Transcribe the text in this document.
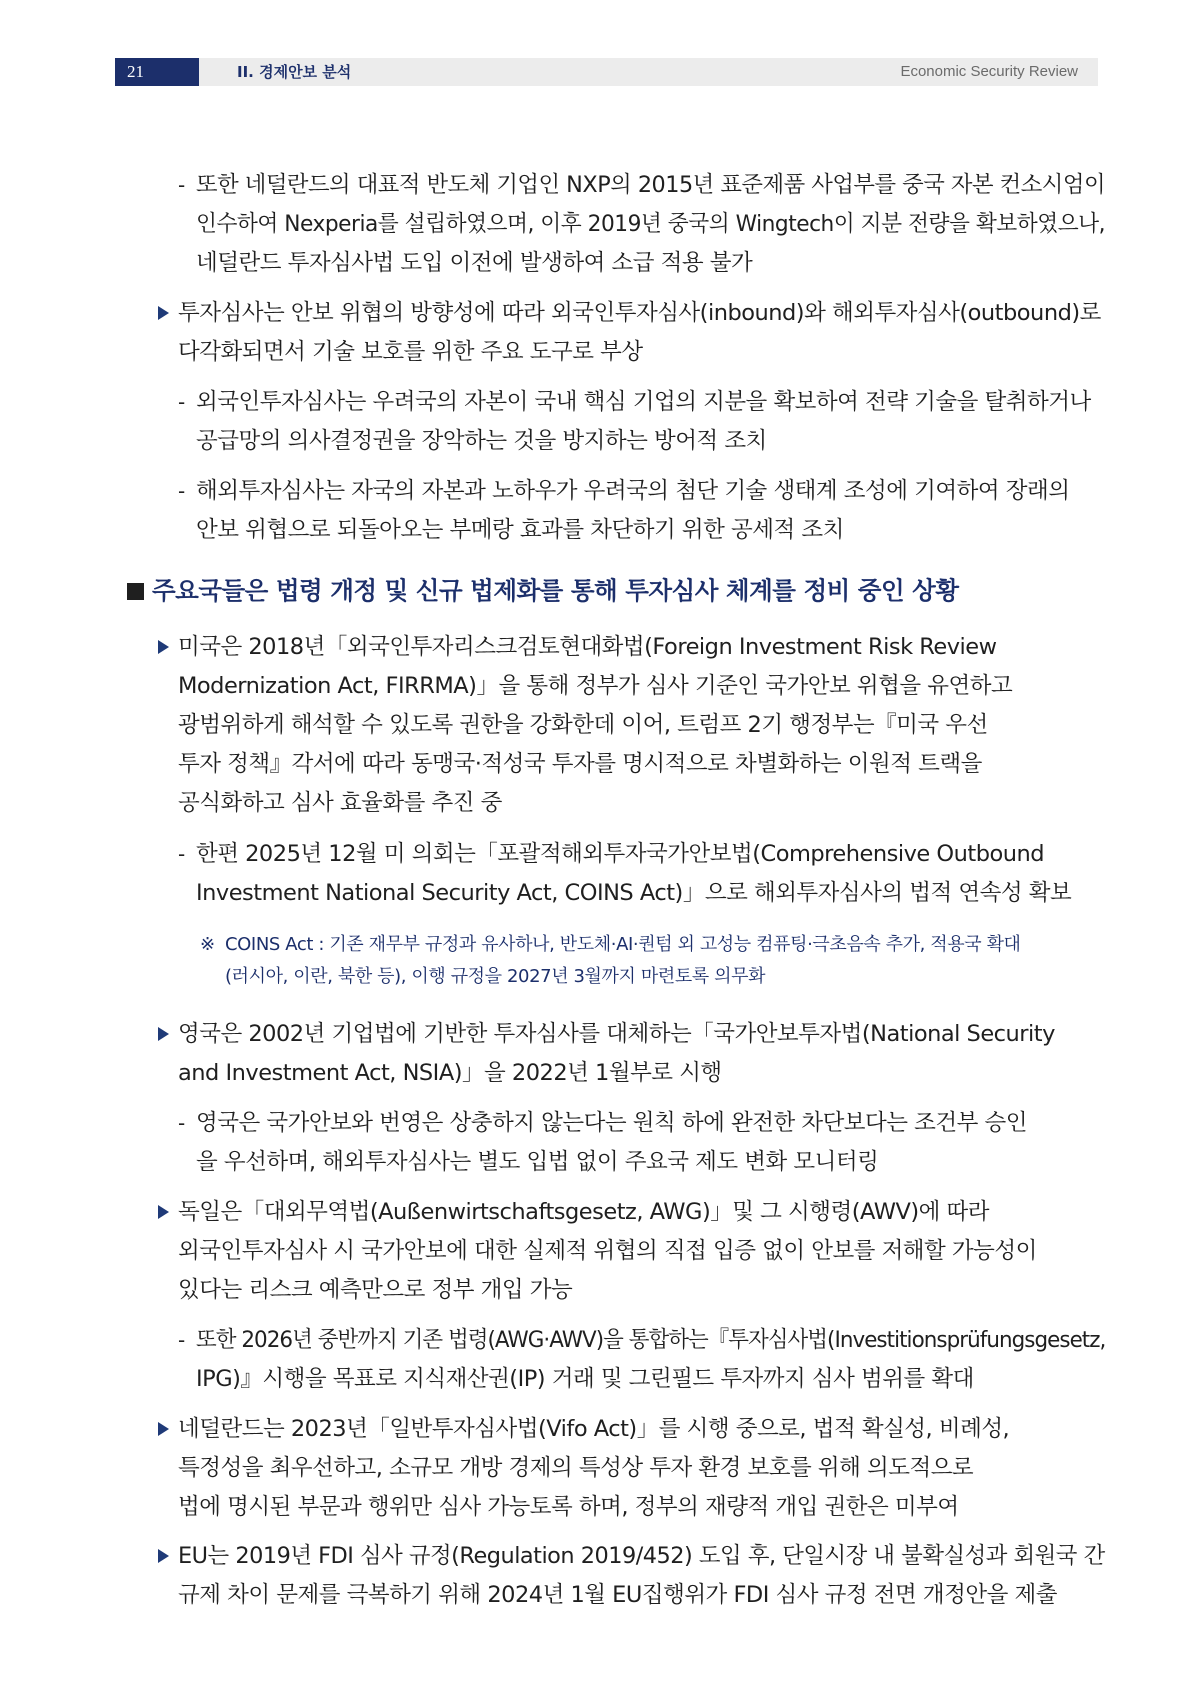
21	II. 경제안보 분석	Economic Security Review
- 또한 네덜란드의 대표적 반도체 기업인 NXP의 2015년 표준제품 사업부를 중국 자본 컨소시엄이
인수하여 Nexperia를 설립하였으며, 이후 2019년 중국의 Wingtech이 지분 전량을 확보하였으나,
네덜란드 투자심사법 도입 이전에 발생하여 소급 적용 불가
투자심사는 안보 위협의 방향성에 따라 외국인투자심사(inbound)와 해외투자심사(outbound)로
다각화되면서 기술 보호를 위한 주요 도구로 부상
- 외국인투자심사는 우려국의 자본이 국내 핵심 기업의 지분을 확보하여 전략 기술을 탈취하거나
공급망의 의사결정권을 장악하는 것을 방지하는 방어적 조치
- 해외투자심사는 자국의 자본과 노하우가 우려국의 첨단 기술 생태계 조성에 기여하여 장래의
안보 위협으로 되돌아오는 부메랑 효과를 차단하기 위한 공세적 조치
주요국들은 법령 개정 및 신규 법제화를 통해 투자심사 체계를 정비 중인 상황
미국은 2018년「외국인투자리스크검토현대화법(Foreign Investment Risk Review
Modernization Act, FIRRMA)」을 통해 정부가 심사 기준인 국가안보 위협을 유연하고
광범위하게 해석할 수 있도록 권한을 강화한데 이어, 트럼프 2기 행정부는『미국 우선
투자 정책』각서에 따라 동맹국·적성국 투자를 명시적으로 차별화하는 이원적 트랙을
공식화하고 심사 효율화를 추진 중
- 한편 2025년 12월 미 의회는「포괄적해외투자국가안보법(Comprehensive Outbound
Investment National Security Act, COINS Act)」으로 해외투자심사의 법적 연속성 확보
※ COINS Act : 기존 재무부 규정과 유사하나, 반도체·AI·퀀텀 외 고성능 컴퓨팅·극초음속 추가, 적용국 확대
(러시아, 이란, 북한 등), 이행 규정을 2027년 3월까지 마련토록 의무화
영국은 2002년 기업법에 기반한 투자심사를 대체하는「국가안보투자법(National Security
and Investment Act, NSIA)」을 2022년 1월부로 시행
- 영국은 국가안보와 번영은 상충하지 않는다는 원칙 하에 완전한 차단보다는 조건부 승인
을 우선하며, 해외투자심사는 별도 입법 없이 주요국 제도 변화 모니터링
독일은「대외무역법(Außenwirtschaftsgesetz, AWG)」및 그 시행령(AWV)에 따라
외국인투자심사 시 국가안보에 대한 실제적 위협의 직접 입증 없이 안보를 저해할 가능성이
있다는 리스크 예측만으로 정부 개입 가능
- 또한 2026년 중반까지 기존 법령(AWG·AWV)을 통합하는『투자심사법(Investitionsprüfungsgesetz,
IPG)』시행을 목표로 지식재산권(IP) 거래 및 그린필드 투자까지 심사 범위를 확대
네덜란드는 2023년「일반투자심사법(Vifo Act)」를 시행 중으로, 법적 확실성, 비례성,
특정성을 최우선하고, 소규모 개방 경제의 특성상 투자 환경 보호를 위해 의도적으로
법에 명시된 부문과 행위만 심사 가능토록 하며, 정부의 재량적 개입 권한은 미부여
EU는 2019년 FDI 심사 규정(Regulation 2019/452) 도입 후, 단일시장 내 불확실성과 회원국 간
규제 차이 문제를 극복하기 위해 2024년 1월 EU집행위가 FDI 심사 규정 전면 개정안을 제출
